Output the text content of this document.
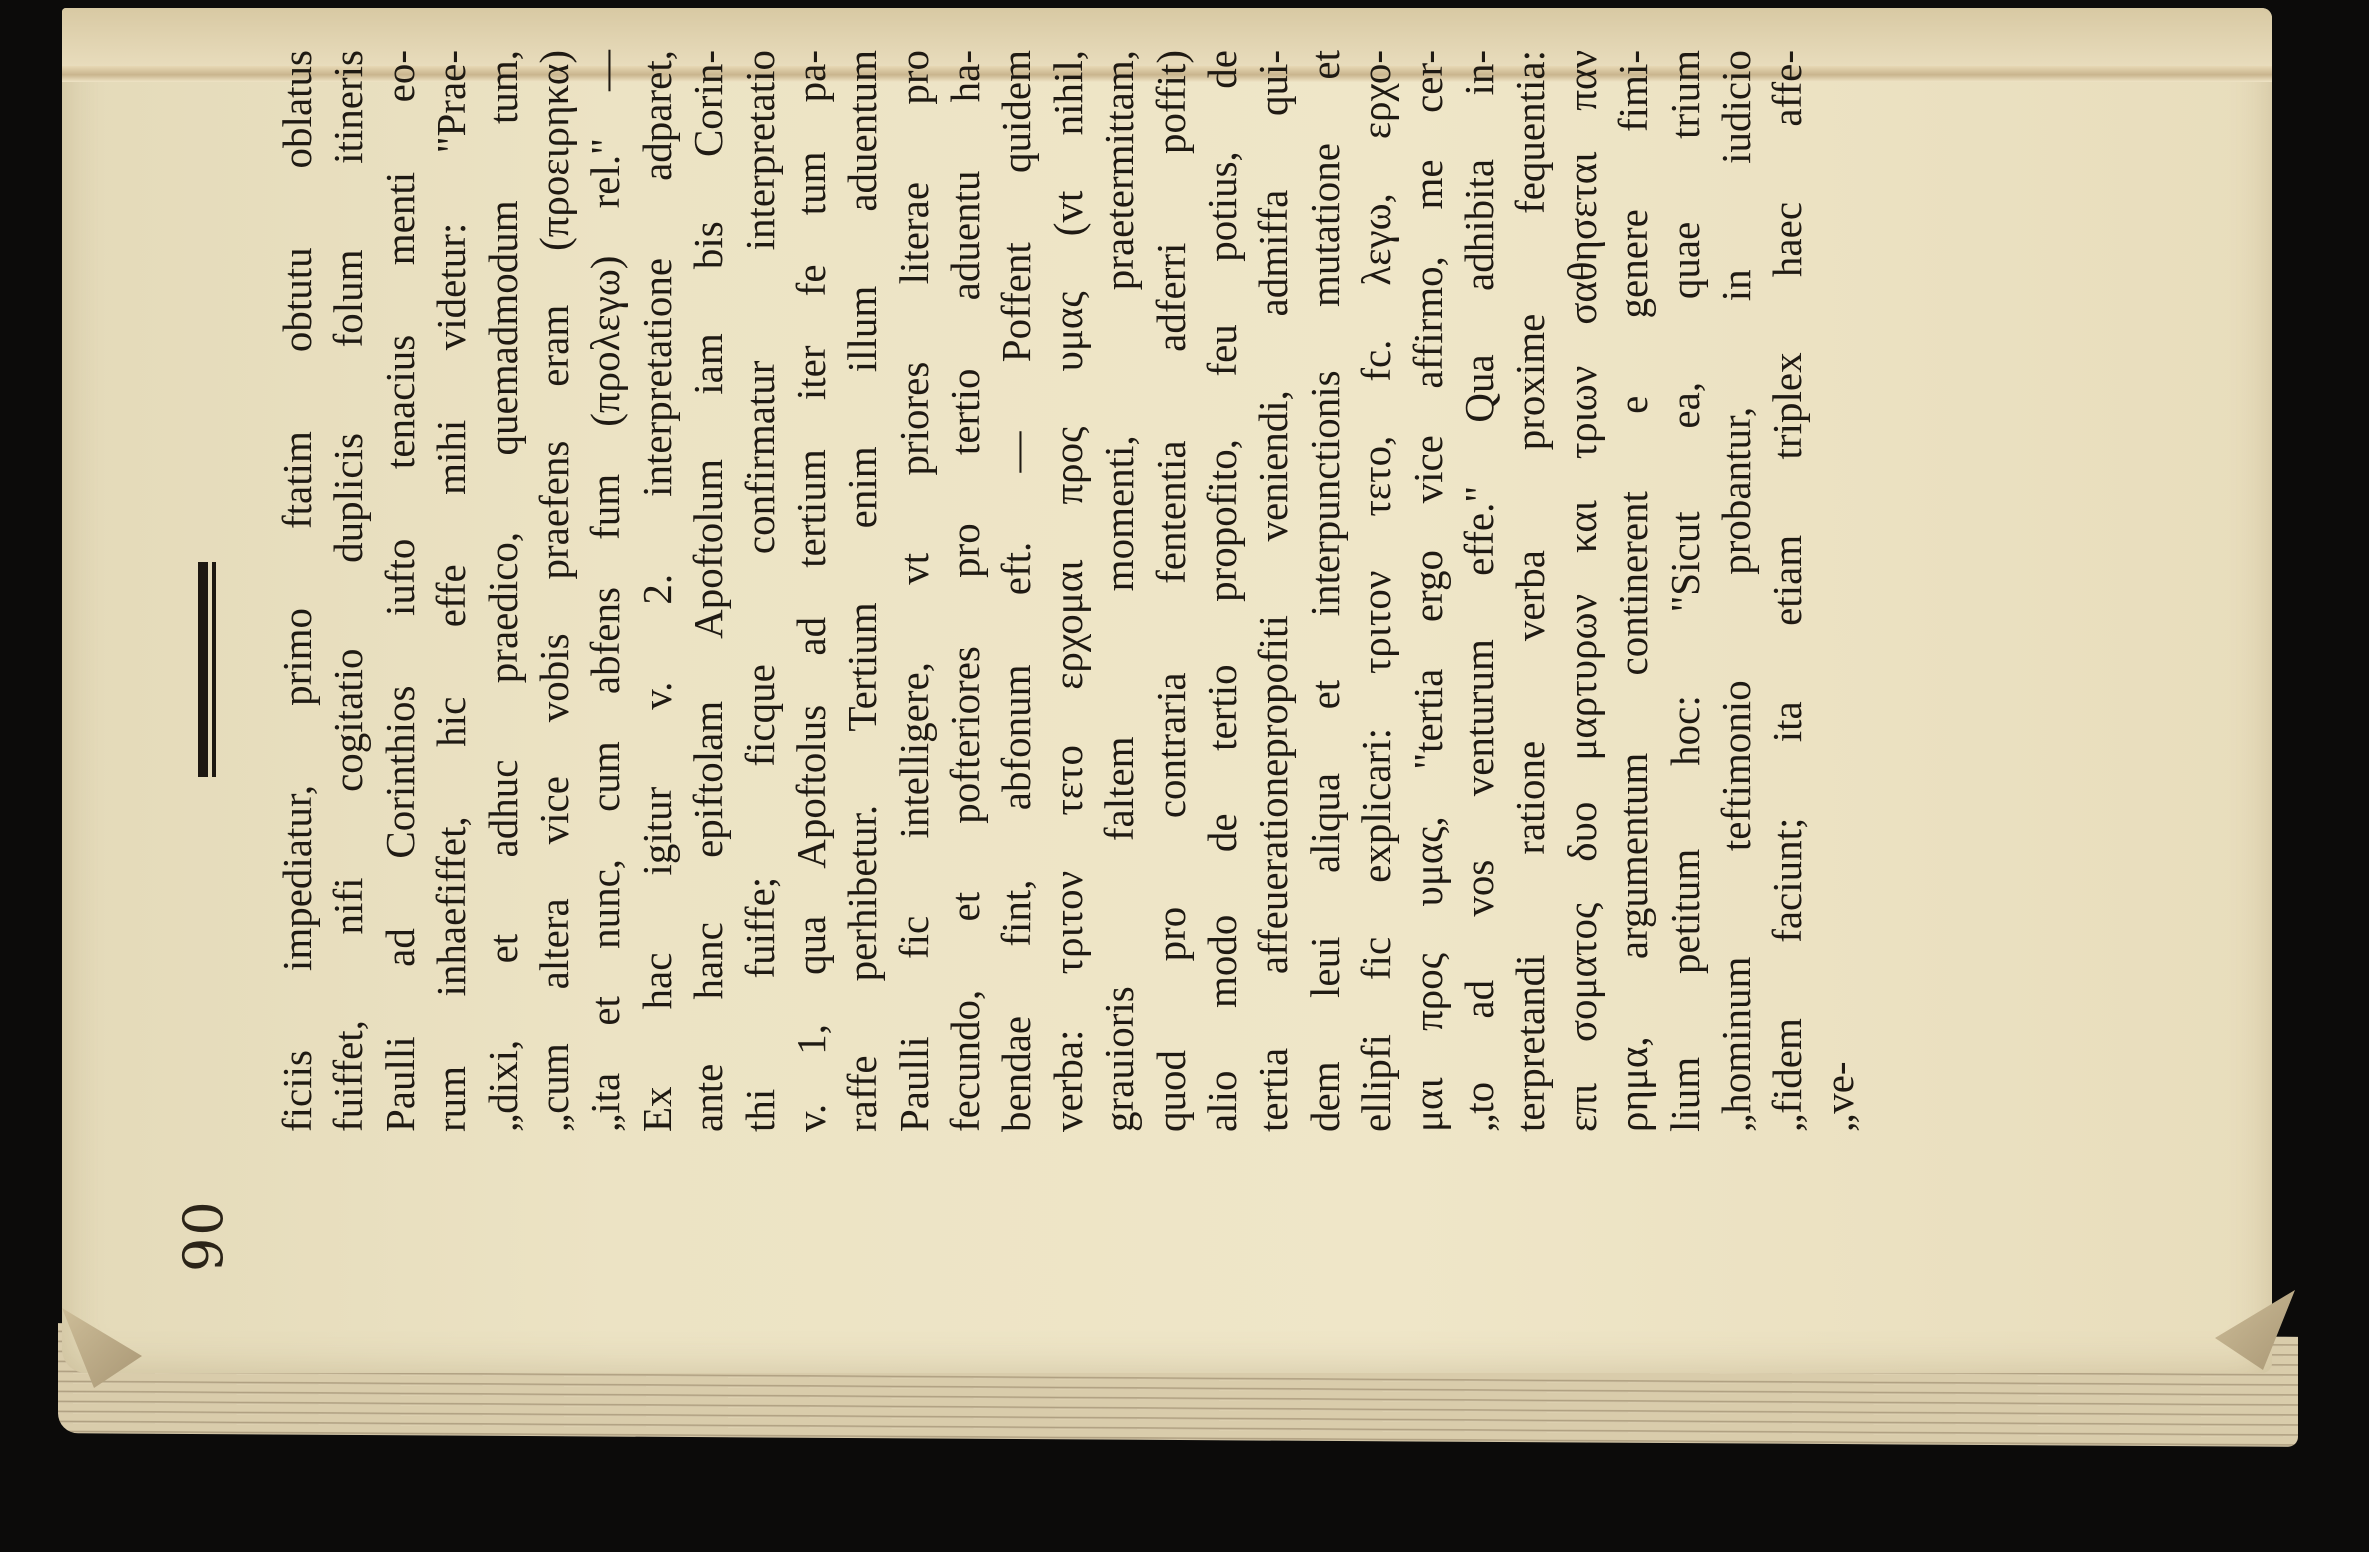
90
ficiis impediatur, primo ftatim obtutu oblatus fuiffet, nifi cogitatio duplicis folum itineris Paulli ad Corinthios iufto tenacius menti eo- rum inhaefiffet, hic effe mihi videtur: "Prae- „dixi, et adhuc praedico, quemadmodum tum, „cum altera vice vobis praefens eram (προειρηκα) „ita et nunc, cum abfens fum (προλεγω) rel." — Ex hac igitur v. 2. interpretatione adparet, ante hanc epiftolam Apoftolum iam bis Corin- thi fuiffe; ficque confirmatur interpretatio v. 1, qua Apoftolus ad tertium iter fe tum pa- raffe perhibetur. Tertium enim illum aduentum Paulli fic intelligere, vt priores literae pro fecundo, et pofteriores pro tertio aduentu ha- bendae fint, abfonum eft. — Poffent quidem verba: τριτον τετο ερχομαι προς υμας (vt nihil, grauioris faltem momenti, praetermittam, quod pro contraria fententia adferri poffit) alio modo de tertio propofito, feu potius, de tertia affeuerationepropofiti veniendi, admiffa qui- dem leui aliqua et interpunctionis mutatione et ellipfi fic explicari: τριτον τετο, fc. λεγω, ερχο- μαι προς υμας, "tertia ergo vice affirmo, me cer- „to ad vos venturum effe." Qua adhibita in- terpretandi ratione verba proxime fequentia: επι σοματος δυο μαρτυρων και τριων σαθησεται παν ρημα, argumentum continerent e genere fimi- lium petitum hoc: "Sicut ea, quae trium „hominum teftimonio probantur, in iudicio „fidem faciunt; ita etiam triplex haec affe- „ve-
